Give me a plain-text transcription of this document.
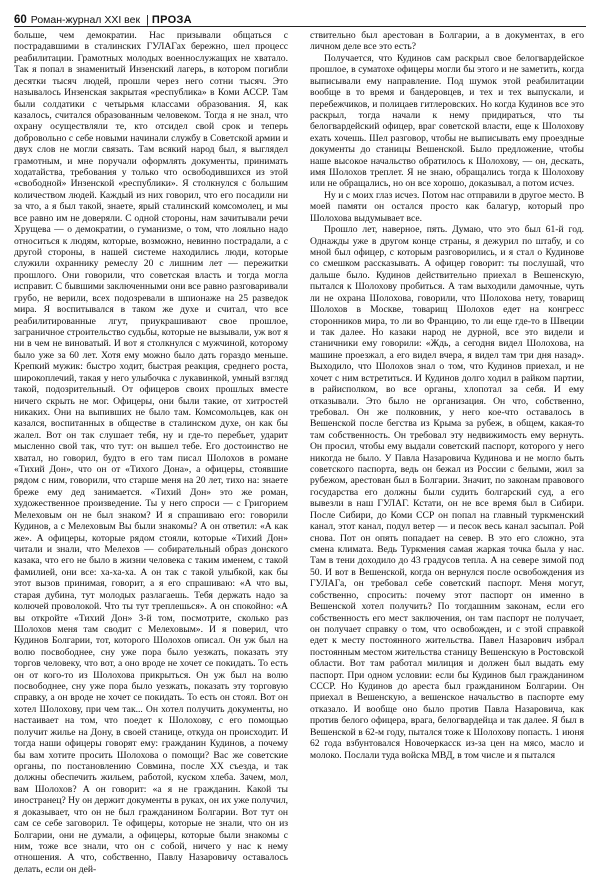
60 Роман-журнал XXI век | ПРОЗА

больше, чем демократии. Нас призывали общаться с пострадавшими в сталинских ГУЛАГах бережно, шел процесс реабилитации. Грамотных молодых военнослужащих не хватало. Так я попал в знаменитый Инзенский лагерь, в котором погибли десятки тысяч людей, прошли через него сотни тысяч. Это называлось Инзенская закрытая «республика» в Коми АССР. Там были солдатики с четырьмя классами образования. Я, как казалось, считался образованным человеком. Тогда я не знал, что охрану осуществляли те, кто отсидел свой срок и теперь добровольно с себе новыми начинали службу в Советской армии и двух слов не могли связать. Там всякий народ был, я выглядел грамотным, и мне поручали оформлять документы, принимать ходатайства, требования у только что освободившихся из этой «свободной» Инзенской «республики». Я столкнулся с большим количеством людей. Каждый из них говорил, что его посадили ни за что, а я был такой, знаете, ярый сталинский комсомолец, и мы все равно им не доверяли. С одной стороны, нам зачитывали речи Хрущева — о демократии, о гуманизме, о том, что лояльно надо относиться к людям, которые, возможно, невинно пострадали, а с другой стороны, в нашей системе находились люди, которые служили охраннику ремеслу 20 с лишним лет — пережитки прошлого. Они говорили, что советская власть и тогда могла исправит. С бывшими заключенными они все равно разговаривали грубо, не верили, всех подозревали в шпионаже на 25 разведок мира. Я воспитывался в таком же духе и считал, что все реабилитированные лгут, приукрашивают свое прошлое, заграничное строительство судьбы, которые не вызывали, уж вот я ни в чем не виноватый. И вот я столкнулся с мужчиной, которому было уже за 60 лет. Хотя ему можно было дать гораздо меньше. Крепкий мужик: быстро ходит, быстрая реакция, среднего роста, широкоплечий, такая у него улыбочка с лукавинкой, умный взгляд такой, подозрительный. От офицеров своих прошлых вместе ничего скрыть не мог. Офицеры, они были такие, от хитростей никаких. Они на выпивших не было там. Комсомольцев, как он казался, воспитанных в обществе в сталинском духе, он как бы жалел. Вот он так слушает тебя, ну и где-то перебьет, ударит мысленно свой так, что тут: он вышел тебе. Его достоинство не хватал, но говорил, будто в его там писал Шолохов в романе «Тихий Дон», что он от «Тихого Дона», а офицеры, стоявшие рядом с ним, говорили, что старше меня на 20 лет, тихо на: знаете бреже ему дед занимается. «Тихий Дон» это же роман, художественное произведение. Ты у него спроси — с Григорием Мелеховым он не был знаком? И я спрашиваю его: говорили Кудинов, а с Мелеховым Вы были знакомы? А он ответил: «А как же». А офицеры, которые рядом стояли, которые «Тихий Дон» читали и знали, что Мелехов — собирательный образ донского казака, что его не было в жизни человека с таким именем, с такой фамилией, они все: ха-ха-ха. А он так с такой улыбкой, как бы этот вызов принимая, говорит, а я его спрашиваю: «А что вы, старая дубина, тут молодых разлагаешь. Тебя держать надо за колючей проволокой. Что ты тут треплешься». А он спокойно: «А вы откройте «Тихий Дон» 3-й том, посмотрите, сколько раз Шолохов меня там сводит с Мелеховым». И я поверил, что Кудинов Болгарии, тот, которого Шолохов описал. Он уж был на волю посвободнее, сну уже пора было уезжать, показать эту торгов человеку, что вот, а оно вроде не хочет се покидать. То есть он от кого-то из Шолохова прикрыться. Он уж был на волю посвободнее, сну уже пора было уезжать, показать эту торговую справку, а он вроде не хочет се покидать. То есть он стоял. Вот он хотел Шолохову, при чем так... Он хотел получить документы, но настаивает на том, что поедет к Шолохову, с его помощью получит жилье на Дону, в своей станице, откуда он происходит. И тогда наши офицеры говорят ему: гражданин Кудинов, а почему бы вам хотите просить Шолохова о помощи? Вас же советские органы, по постановлению Совмина, после XX съезда, и так должны обеспечить жильем, работой, куском хлеба. Зачем, мол, вам Шолохов? А он говорит: «а я не гражданин. Какой ты иностранец? Ну он держит документы в руках, он их уже получил, я доказывает, что он не был гражданином Болгарии. Вот тут он сам се себе заговорил. Те офицеры, которые не знали, что он из Болгарии, они не думали, а офицеры, которые были знакомы с ним, тоже все знали, что он с собой, ничего у нас к нему отношения. А что, собственно, Павлу Назаровичу оставалось делать, если он дей-

ствительно был арестован в Болгарии, а в документах, в его личном деле все это есть?

Получается, что Кудинов сам раскрыл свое белогвардейское прошлое, в суматохе офицеры могли бы этого и не заметить, когда выписывали ему направление. Под шумок этой реабилитации вообще в то время и бандеровцев, и тех и тех выпускали, и перебежчиков, и полицаев гитлеровских. Но когда Кудинов все это раскрыл, тогда начали к нему придираться, что ты белогвардейский офицер, враг советской власти, еще к Шолохову ехать хочешь. Шел разговор, чтобы не выписывать ему проездные документы до станицы Вешенской. Было предложение, чтобы наше высокое начальство обратилось к Шолохову, — он, дескать, имя Шолохов треплет. Я не знаю, обращались тогда к Шолохову или не обращались, но он все хорошо, доказывал, а потом исчез.

Ну и с моих глаз исчез. Потом нас отправили в другое место. В моей памяти он остался просто как балагур, который про Шолохова выдумывает все.

Прошло лет, наверное, пять. Думаю, что это был 61-й год. Однажды уже в другом конце страны, я дежурил по штабу, и со мной был офицер, с которым разговорились, и я стал о Кудинове со смешком рассказывать. А офицер говорит: ты послушай, что дальше было. Кудинов действительно приехал в Вешенскую, пытался к Шолохову пробиться. А там выходили дамочные, чуть ли не охрана Шолохова, говорили, что Шолохова нету, товарищ Шолохов в Москве, товарищ Шолохов едет на конгресс сторонников мира, то ли во Францию, то ли еще где-то в Швеции и так далее. Но казаки народ не дурной, все это видели и станичники ему говорили: «Ждь, а сегодня видел Шолохова, на машине проезжал, а его видел вчера, я видел там три дня назад». Выходило, что Шолохов знал о том, что Кудинов приехал, и не хочет с ним встретиться. И Кудинов долго ходил в райком партии, в райисполком, во все органы, хлопотал за себя. И ему отказывали. Это было не организация. Он что, собственно, требовал. Он же полковник, у него кое-что оставалось в Вешенской после бегства из Крыма за рубеж, в общем, какая-то там собственность. Он требовал эту недвижимость ему вернуть. Он просил, чтобы ему выдали советский паспорт, которого у него никогда не было. У Павла Назаровича Кудинова и не могло быть советского паспорта, ведь он бежал из России с белыми, жил за рубежом, арестован был в Болгарии. Значит, по законам правового государства его должны были судить болгарский суд, а его вывезли в наш ГУЛАГ. Кстати, он не все время был в Сибири. После Сибири, до Коми ССР он попал на главный туркменский канал, этот канал, подул ветер — и песок весь канал засыпал. Рой снова. Пот он опять попадает на север. В это его сложно, эта смена климата. Ведь Туркмения самая жаркая точка была у нас. Там в тени доходило до 43 градусов тепла. А на севере зимой под 50. И вот в Вешенской, когда он вернулся после освобождения из ГУЛАГа, он требовал себе советский паспорт. Меня могут, собственно, спросить: почему этот паспорт он именно в Вешенской хотел получить? По тогдашним законам, если его собственность его мест заключения, он там паспорт не получает, он получает справку о том, что освобожден, и с этой справкой едет к месту постоянного жительства. Павел Назарович избрал постоянным местом жительства станицу Вешенскую в Ростовской области. Вот там работал милиция и должен был выдать ему паспорт. При одном условии: если бы Кудинов был гражданином СССР. Но Кудинов до ареста был гражданином Болгарии. Он приехал в Вешенскую, а вешенское начальство в паспорте ему отказало. И вообще оно было против Павла Назаровича, как против белого офицера, врага, белогвардейца и так далее. Я был в Вешенской в 62-м году, пытался тоже к Шолохову попасть. 1 июня 62 года взбунтовался Новочеркасск из-за цен на мясо, масло и молоко. Послали туда войска МВД, в том числе и я пытался
